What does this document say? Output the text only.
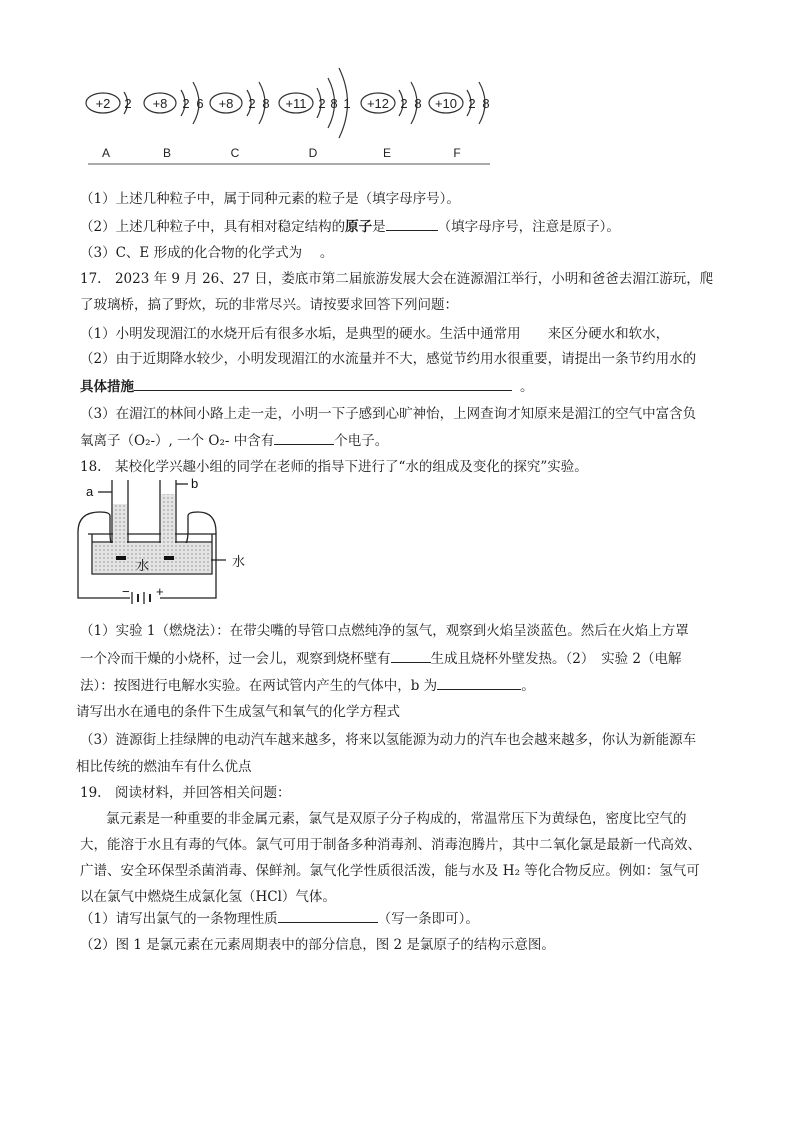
+2 2 +8 2 6 +8 2 8 +11 2 8 1 +12 2 8 +10 2 8
A	B	C	D	E	F
（1）上述几种粒子中，属于同种元素的粒子是（填字母序号）。
（2）上述几种粒子中，具有相对稳定结构的原子是	（填字母序号，注意是原子）。
（3）C、E 形成的化合物的化学式为　 。
17.　2023 年 9 月 26、27 日，娄底市第二届旅游发展大会在涟源湄江举行，小明和爸爸去湄江游玩，爬
了玻璃桥，搞了野炊，玩的非常尽兴。请按要求回答下列问题：
（1）小明发现湄江的水烧开后有很多水垢，是典型的硬水。生活中通常用　　来区分硬水和软水，
（2）由于近期降水较少，小明发现湄江的水流量并不大，感觉节约用水很重要，请提出一条节约用水的
具体措施	。
（3）在湄江的林间小路上走一走，小明一下子感到心旷神怡，上网查询才知原来是湄江的空气中富含负
氧离子（O₂-）, 一个 O₂- 中含有	个电子。
18.　某校化学兴趣小组的同学在老师的指导下进行了“水的组成及变化的探究”实验。
a
b
水	水
− +
（1）实验 1（燃烧法）：在带尖嘴的导管口点燃纯净的氢气，观察到火焰呈淡蓝色。然后在火焰上方罩
一个冷而干燥的小烧杯，过一会儿，观察到烧杯壁有	生成且烧杯外壁发热。（2）　实验 2（电解
法）：按图进行电解水实验。在两试管内产生的气体中，b 为	。
请写出水在通电的条件下生成氢气和氧气的化学方程式
（3）涟源街上挂绿牌的电动汽车越来越多，将来以氢能源为动力的汽车也会越来越多，你认为新能源车
相比传统的燃油车有什么优点
19.　阅读材料，并回答相关问题：
氯元素是一种重要的非金属元素，氯气是双原子分子构成的，常温常压下为黄绿色，密度比空气的
大，能溶于水且有毒的气体。氯气可用于制备多种消毒剂、消毒泡腾片，其中二氧化氯是最新一代高效、
广谱、安全环保型杀菌消毒、保鲜剂。氯气化学性质很活泼，能与水及 H₂ 等化合物反应。例如：氢气可
以在氯气中燃烧生成氯化氢（HCl）气体。
（1）请写出氯气的一条物理性质	（写一条即可）。
（2）图 1 是氯元素在元素周期表中的部分信息，图 2 是氯原子的结构示意图。
